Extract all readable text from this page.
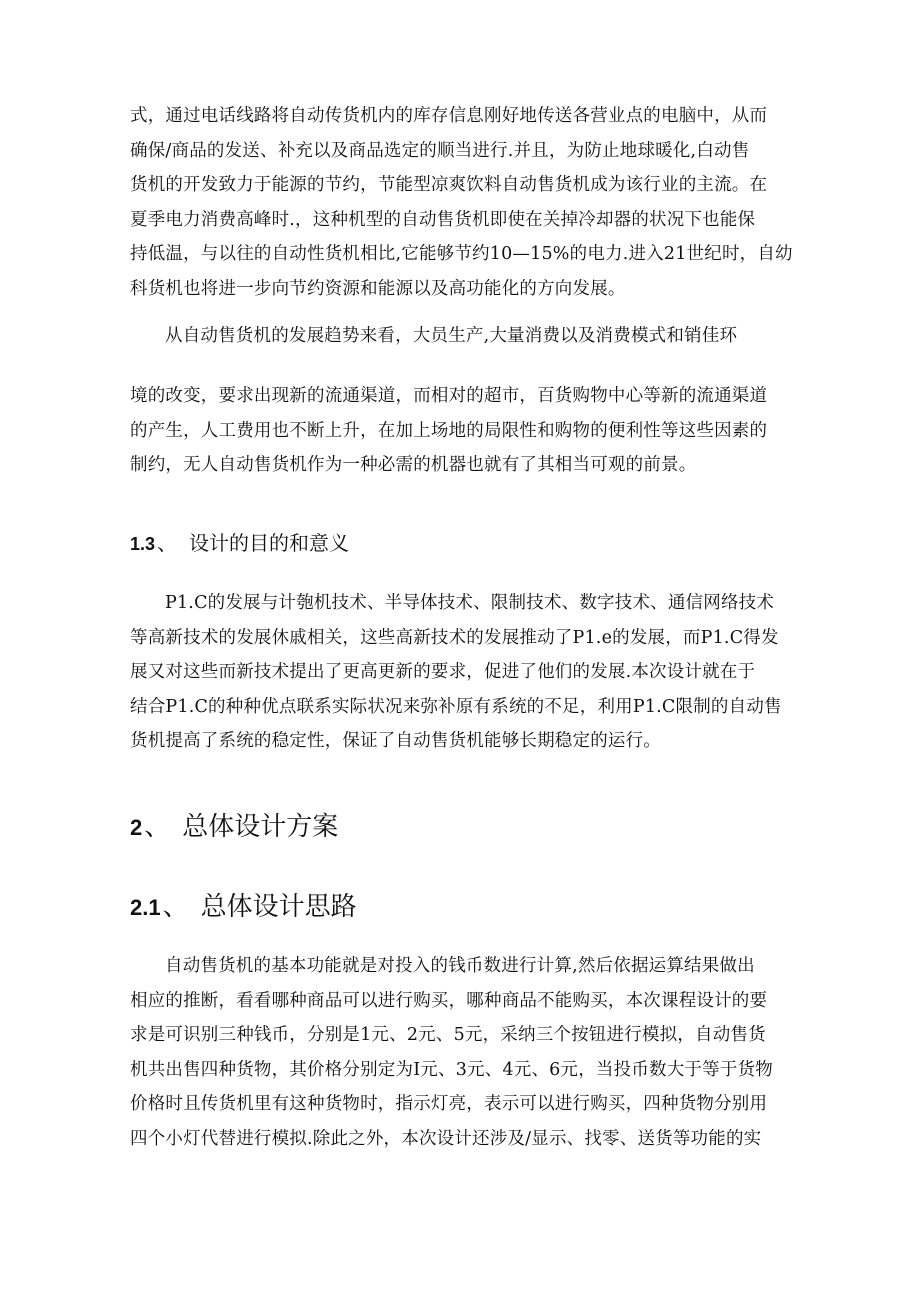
式，通过电话线路将自动传货机内的库存信息刚好地传送各营业点的电脑中，从而
确保/商品的发送、补充以及商品选定的顺当进行.并且，为防止地球暖化,白动售
货机的开发致力于能源的节约，节能型凉爽饮料自动售货机成为该行业的主流。在
夏季电力消费高峰时.，这种机型的自动售货机即使在关掉冷却器的状况下也能保
持低温，与以往的自动性货机相比,它能够节约10—15%的电力.进入21世纪时，自幼
科货机也将进一步向节约资源和能源以及高功能化的方向发展。
从自动售货机的发展趋势来看，大员生产,大量消费以及消费模式和销佳环
境的改变，要求出现新的流通渠道，而相对的超市，百货购物中心等新的流通渠道
的产生，人工费用也不断上升，在加上场地的局限性和购物的便利性等这些因素的
制约，无人自动售货机作为一种必需的机器也就有了其相当可观的前景。
1.3 、 设计的目的和意义
P1.C的发展与计匏机技术、半导体技术、限制技术、数字技术、通信网络技术
等高新技术的发展休戚相关，这些高新技术的发展推动了P1.e的发展，而P1.C得发
展又对这些而新技术提出了更高更新的要求，促进了他们的发展.本次设计就在于
结合P1.C的种种优点联系实际状况来弥补原有系统的不足，利用P1.C限制的自动售
货机提高了系统的稳定性，保证了自动售货机能够长期稳定的运行。
2、 总体设计方案
2.1、 总体设计思路
自动售货机的基本功能就是对投入的钱币数进行计算,然后依据运算结果做出
相应的推断，看看哪种商品可以进行购买，哪种商品不能购买，本次课程设计的要
求是可识别三种钱币，分别是1元、2元、5元，采纳三个按钮进行模拟，自动售货
机共出售四种货物，其价格分别定为I元、3元、4元、6元，当投币数大于等于货物
价格时且传货机里有这种货物时，指示灯亮，表示可以进行购买，四种货物分别用
四个小灯代替进行模拟.除此之外，本次设计还涉及/显示、找零、送货等功能的实
